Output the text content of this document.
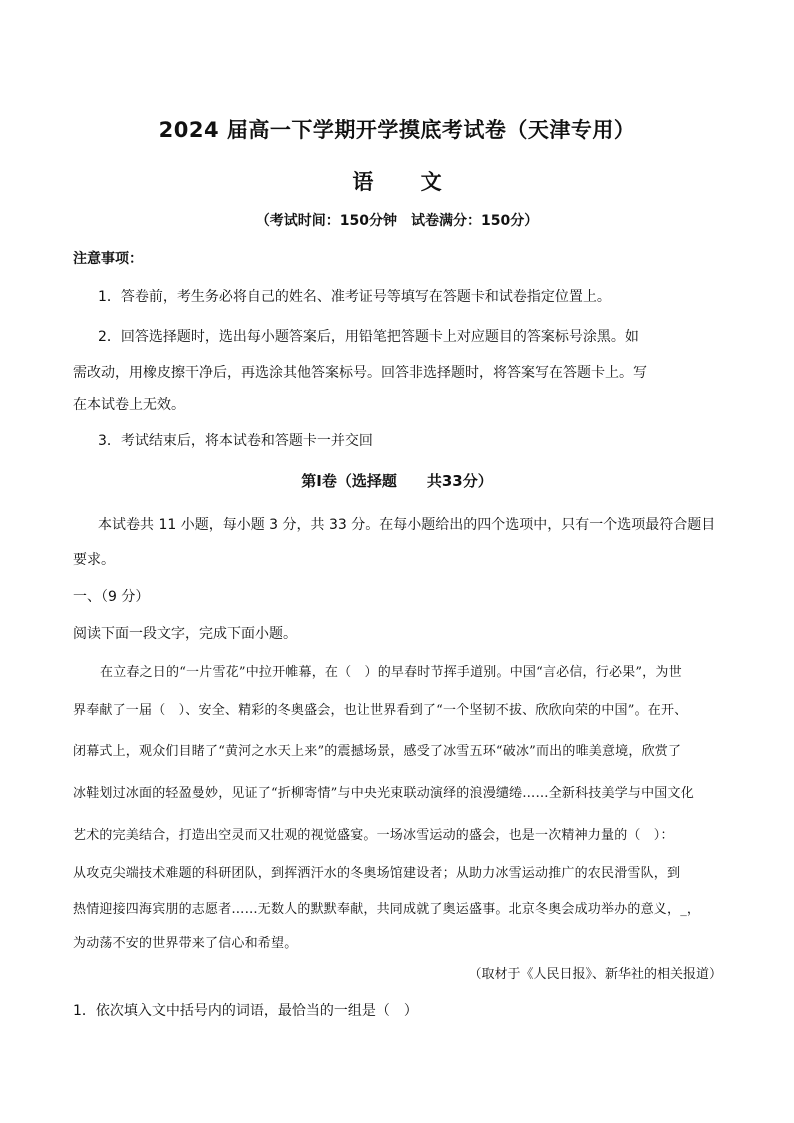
2024 届高一下学期开学摸底考试卷（天津专用）
语 文
（考试时间：150分钟　试卷满分：150分）
注意事项：
1．答卷前，考生务必将自己的姓名、准考证号等填写在答题卡和试卷指定位置上。
2．回答选择题时，选出每小题答案后，用铅笔把答题卡上对应题目的答案标号涂黑。如
需改动，用橡皮擦干净后，再选涂其他答案标号。回答非选择题时，将答案写在答题卡上。写
在本试卷上无效。
3．考试结束后，将本试卷和答题卡一并交回
第Ⅰ卷（选择题　　共33分）
本试卷共 11 小题，每小题 3 分，共 33 分。在每小题给出的四个选项中，只有一个选项最符合题目
要求。
一、（9 分）
阅读下面一段文字，完成下面小题。
在立春之日的“一片雪花”中拉开帷幕，在（　）的早春时节挥手道别。中国“言必信，行必果”，为世
界奉献了一届（　）、安全、精彩的冬奥盛会，也让世界看到了“一个坚韧不拔、欣欣向荣的中国”。在开、
闭幕式上，观众们目睹了“黄河之水天上来”的震撼场景，感受了冰雪五环“破冰”而出的唯美意境，欣赏了
冰鞋划过冰面的轻盈曼妙，见证了“折柳寄情”与中央光束联动演绎的浪漫缱绻……全新科技美学与中国文化
艺术的完美结合，打造出空灵而又壮观的视觉盛宴。一场冰雪运动的盛会，也是一次精神力量的（　）：
从攻克尖端技术难题的科研团队，到挥洒汗水的冬奥场馆建设者；从助力冰雪运动推广的农民滑雪队，到
热情迎接四海宾朋的志愿者……无数人的默默奉献，共同成就了奥运盛事。北京冬奥会成功举办的意义，_，
为动荡不安的世界带来了信心和希望。
（取材于《人民日报》、新华社的相关报道）
1．依次填入文中括号内的词语，最恰当的一组是（　）
